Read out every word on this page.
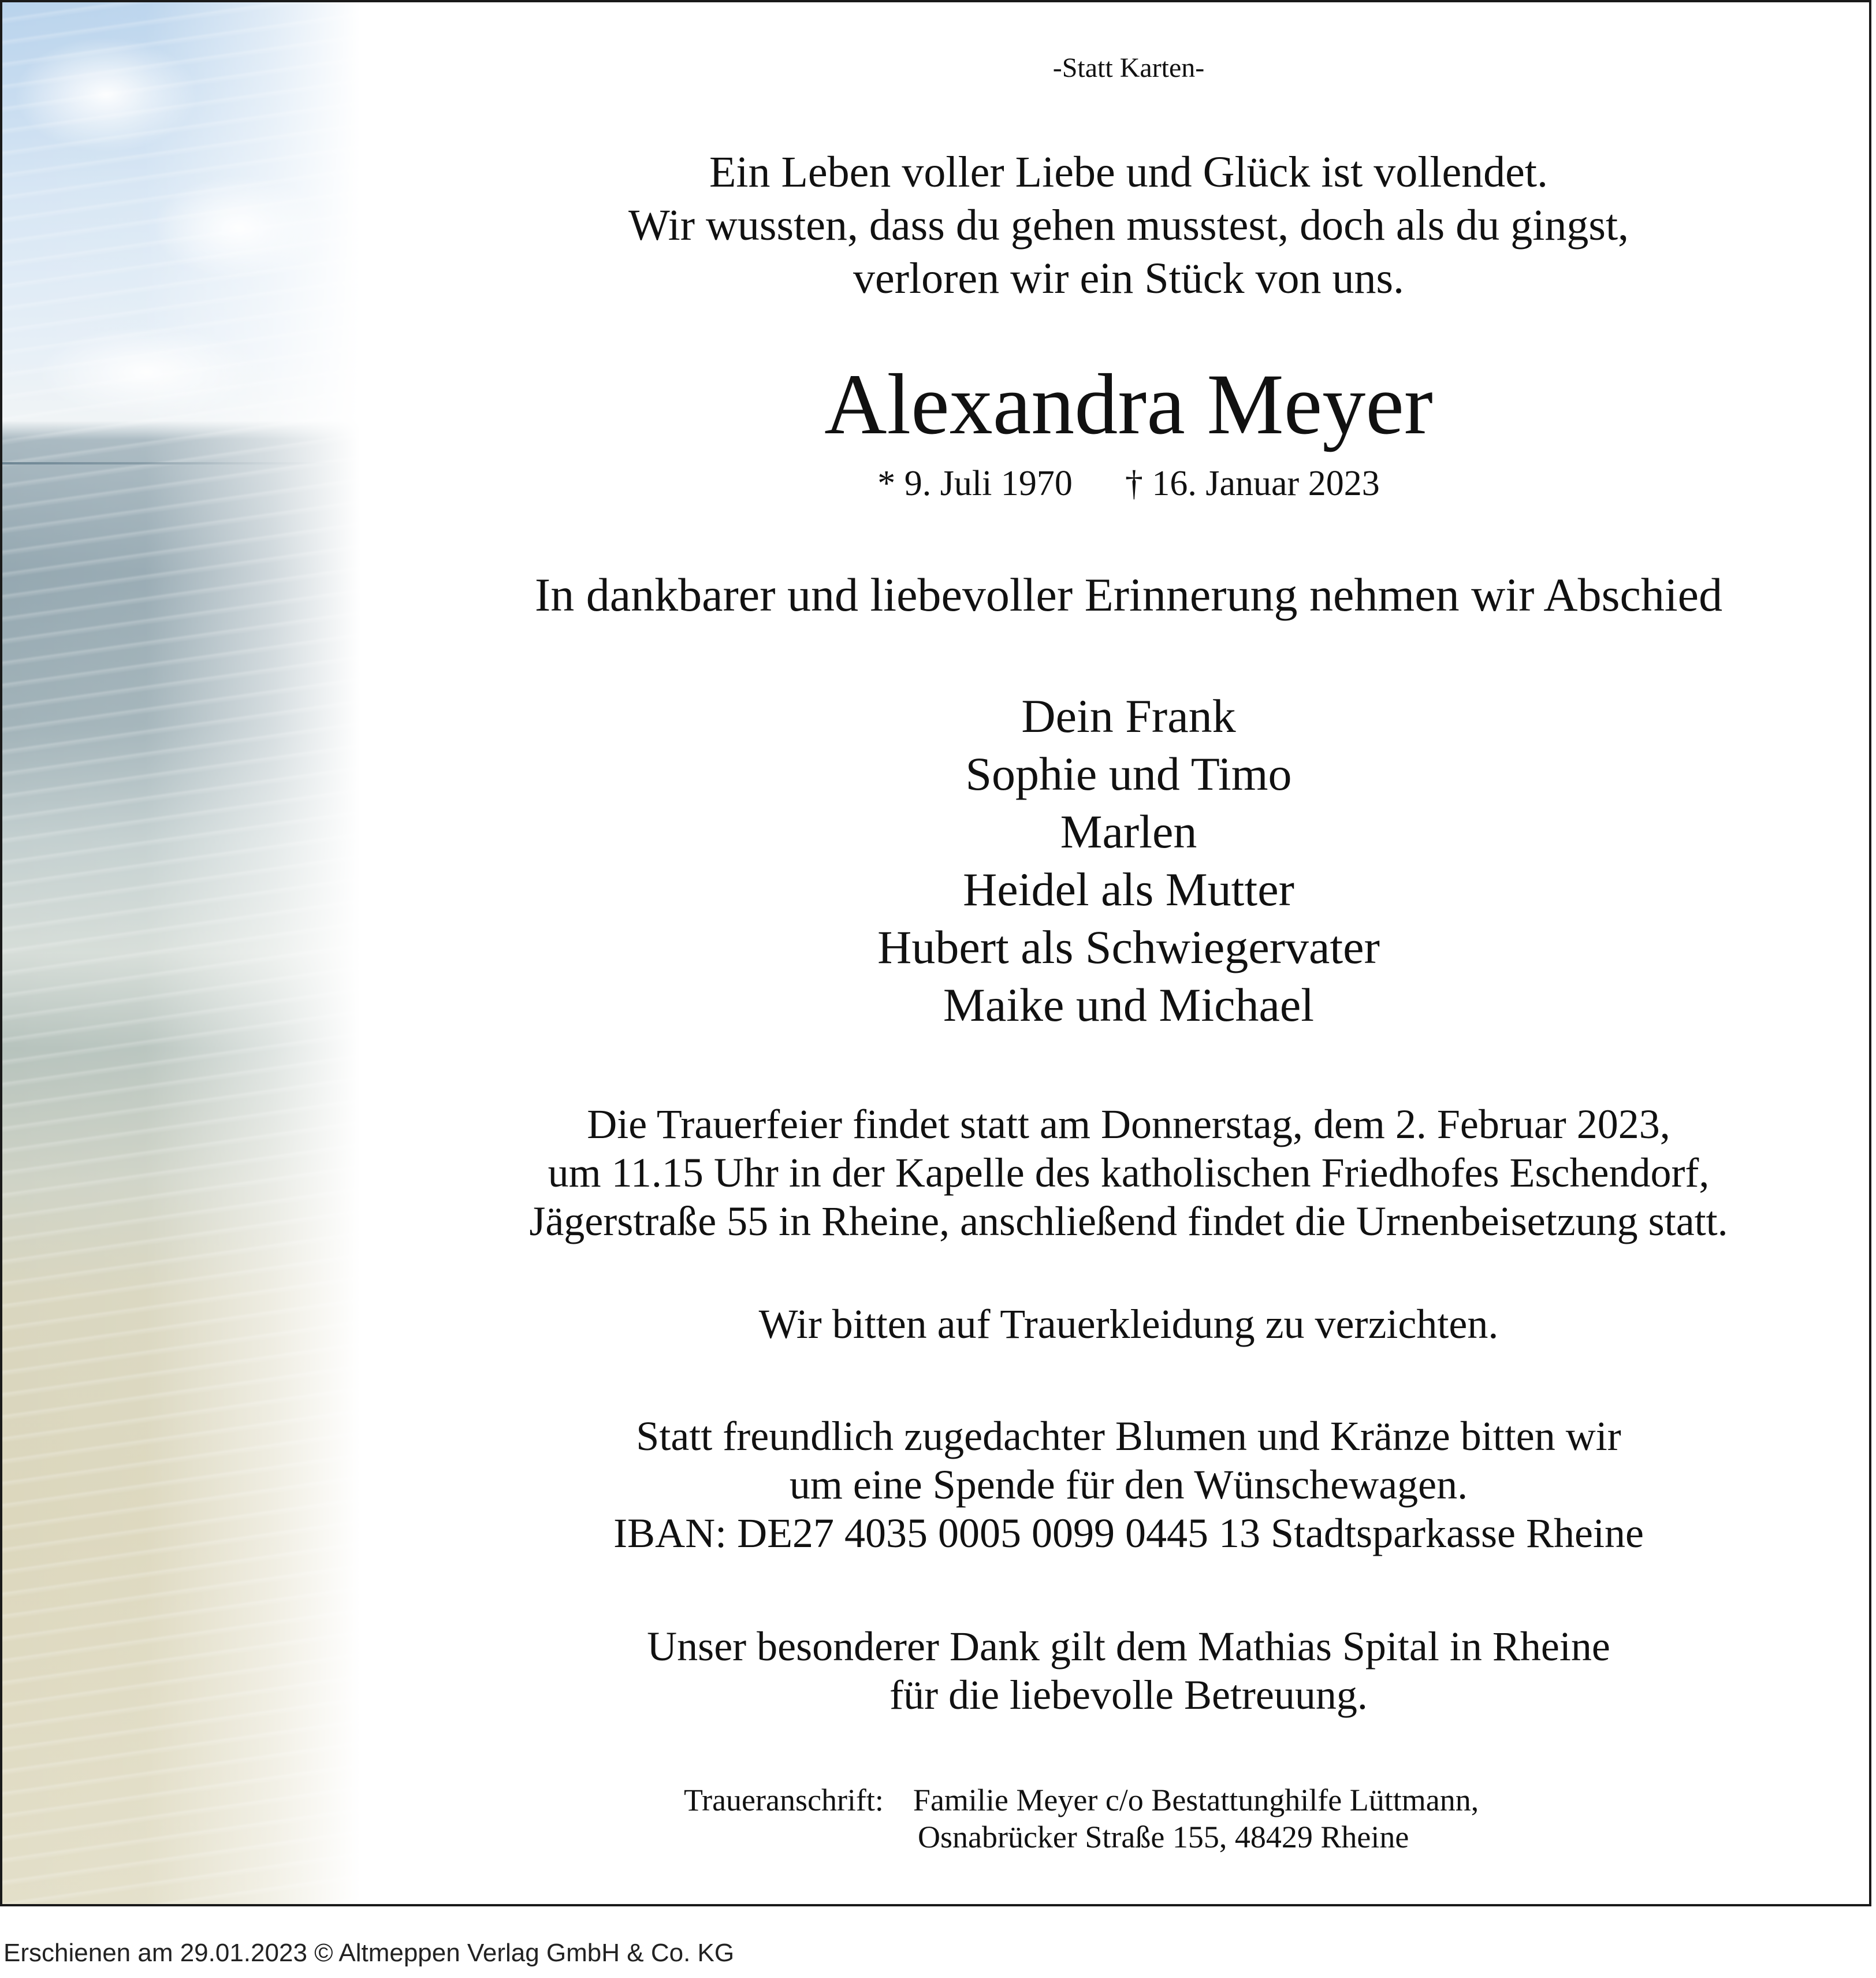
-Statt Karten-
Ein Leben voller Liebe und Glück ist vollendet.
Wir wussten, dass du gehen musstest, doch als du gingst,
verloren wir ein Stück von uns.
Alexandra Meyer
* 9. Juli 1970 † 16. Januar 2023
In dankbarer und liebevoller Erinnerung nehmen wir Abschied
Dein Frank
Sophie und Timo
Marlen
Heidel als Mutter
Hubert als Schwiegervater
Maike und Michael
Die Trauerfeier findet statt am Donnerstag, dem 2. Februar 2023,
um 11.15 Uhr in der Kapelle des katholischen Friedhofes Eschendorf,
Jägerstraße 55 in Rheine, anschließend findet die Urnenbeisetzung statt.
Wir bitten auf Trauerkleidung zu verzichten.
Statt freundlich zugedachter Blumen und Kränze bitten wir
um eine Spende für den Wünschewagen.
IBAN: DE27 4035 0005 0099 0445 13 Stadtsparkasse Rheine
Unser besonderer Dank gilt dem Mathias Spital in Rheine
für die liebevolle Betreuung.
Traueranschrift: Familie Meyer c/o Bestattunghilfe Lüttmann,
Osnabrücker Straße 155, 48429 Rheine
Erschienen am 29.01.2023 © Altmeppen Verlag GmbH & Co. KG
